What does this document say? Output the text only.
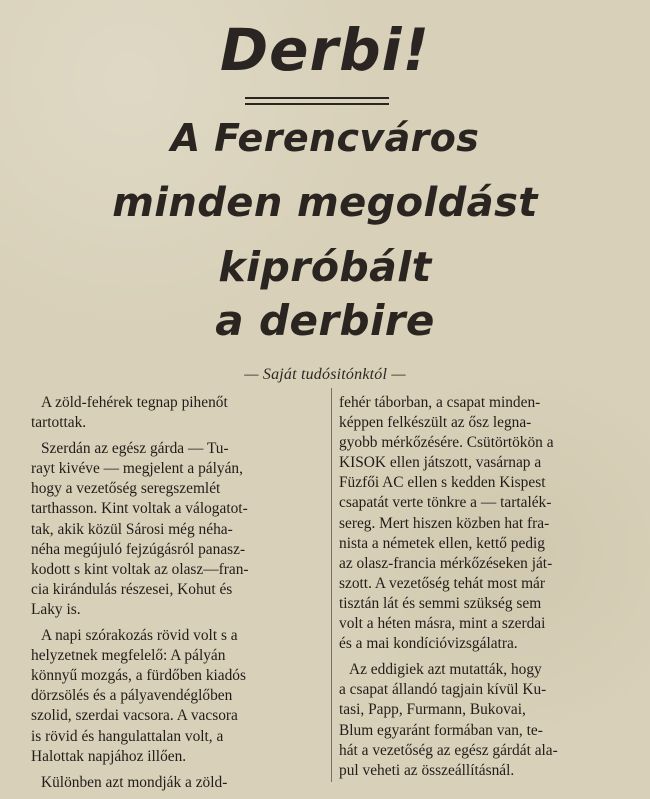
Derbi!
A Ferencváros
minden megoldást
kipróbált
a derbire
— Saját tudósitónktól —
A zöld-fehérek tegnap pihenőt
tartottak.
Szerdán az egész gárda — Tu-
rayt kivéve — megjelent a pályán,
hogy a vezetőség seregszemlét
tarthasson. Kint voltak a válogatot-
tak, akik közül Sárosi még néha-
néha megújuló fejzúgásról panasz-
kodott s kint voltak az olasz—fran-
cia kirándulás részesei, Kohut és
Laky is.
A napi szórakozás rövid volt s a
helyzetnek megfelelő: A pályán
könnyű mozgás, a fürdőben kiadós
dörzsölés és a pályavendéglőben
szolid, szerdai vacsora. A vacsora
is rövid és hangulattalan volt, a
Halottak napjához illően.
Különben azt mondják a zöld-
fehér táborban, a csapat minden-
képpen felkészült az ősz legna-
gyobb mérkőzésére. Csütörtökön a
KISOK ellen játszott, vasárnap a
Füzfői AC ellen s kedden Kispest
csapatát verte tönkre a — tartalék-
sereg. Mert hiszen közben hat fra-
nista a németek ellen, kettő pedig
az olasz-francia mérkőzéseken ját-
szott. A vezetőség tehát most már
tisztán lát és semmi szükség sem
volt a héten másra, mint a szerdai
és a mai kondícióvizsgálatra.
Az eddigiek azt mutatták, hogy
a csapat állandó tagjain kívül Ku-
tasi, Papp, Furmann, Bukovai,
Blum egyaránt formában van, te-
hát a vezetőség az egész gárdát ala-
pul veheti az összeállításnál.
